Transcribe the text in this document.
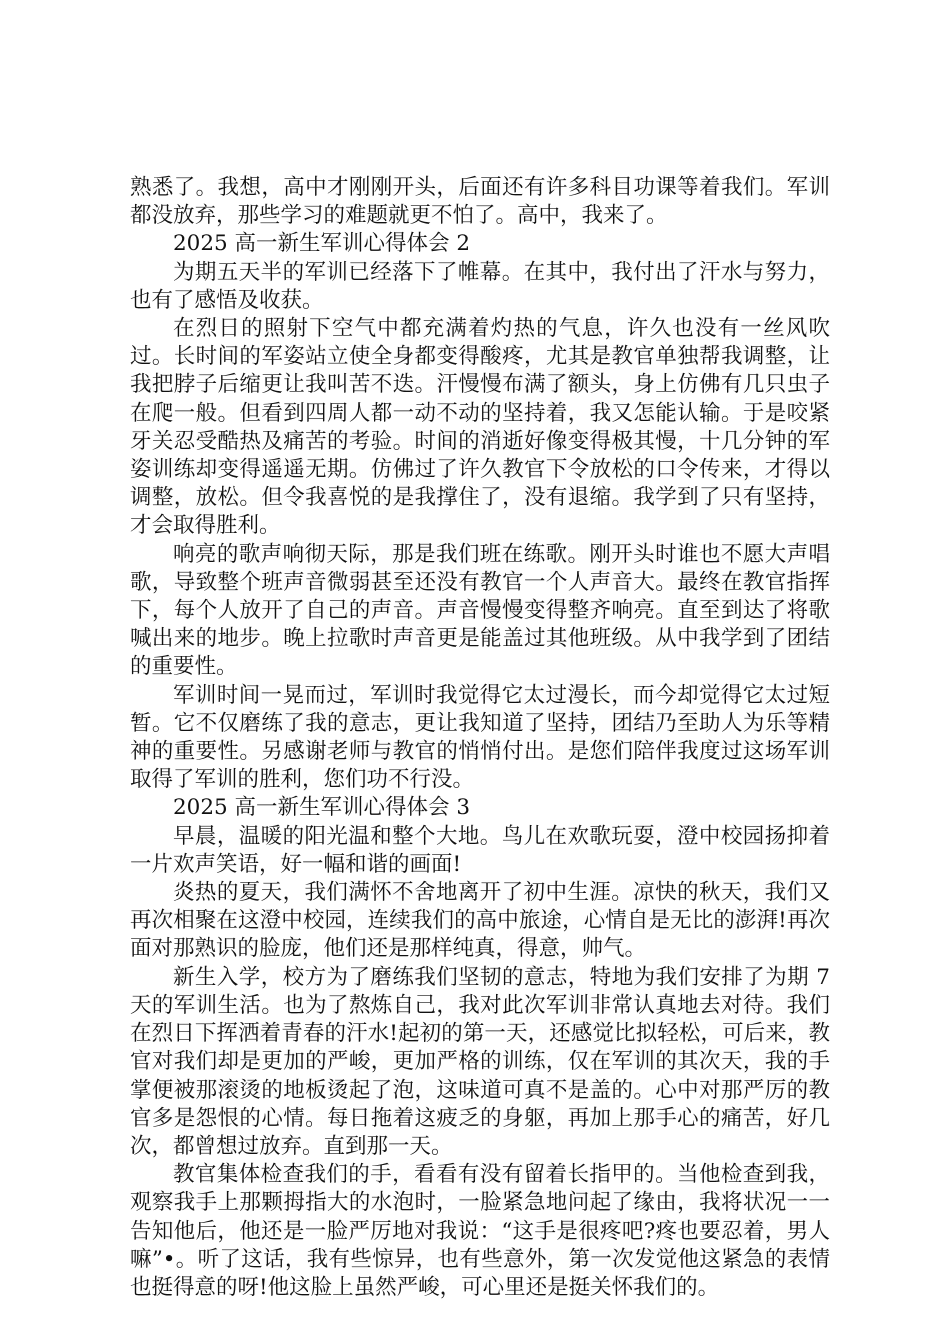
熟悉了。我想，高中才刚刚开头，后面还有许多科目功课等着我们。军训都没放弃，那些学习的难题就更不怕了。高中，我来了。

2025 高一新生军训心得体会 2

为期五天半的军训已经落下了帷幕。在其中，我付出了汗水与努力，也有了感悟及收获。

在烈日的照射下空气中都充满着灼热的气息，许久也没有一丝风吹过。长时间的军姿站立使全身都变得酸疼，尤其是教官单独帮我调整，让我把脖子后缩更让我叫苦不迭。汗慢慢布满了额头，身上仿佛有几只虫子在爬一般。但看到四周人都一动不动的坚持着，我又怎能认输。于是咬紧牙关忍受酷热及痛苦的考验。时间的消逝好像变得极其慢，十几分钟的军姿训练却变得遥遥无期。仿佛过了许久教官下令放松的口令传来，才得以调整，放松。但令我喜悦的是我撑住了，没有退缩。我学到了只有坚持，才会取得胜利。

响亮的歌声响彻天际，那是我们班在练歌。刚开头时谁也不愿大声唱歌，导致整个班声音微弱甚至还没有教官一个人声音大。最终在教官指挥下，每个人放开了自己的声音。声音慢慢变得整齐响亮。直至到达了将歌喊出来的地步。晚上拉歌时声音更是能盖过其他班级。从中我学到了团结的重要性。

军训时间一晃而过，军训时我觉得它太过漫长，而今却觉得它太过短暂。它不仅磨练了我的意志，更让我知道了坚持，团结乃至助人为乐等精神的重要性。另感谢老师与教官的悄悄付出。是您们陪伴我度过这场军训取得了军训的胜利，您们功不行没。

2025 高一新生军训心得体会 3

早晨，温暖的阳光温和整个大地。鸟儿在欢歌玩耍，澄中校园扬抑着一片欢声笑语，好一幅和谐的画面!

炎热的夏天，我们满怀不舍地离开了初中生涯。凉快的秋天，我们又再次相聚在这澄中校园，连续我们的高中旅途，心情自是无比的澎湃!再次面对那熟识的脸庞，他们还是那样纯真，得意，帅气。

新生入学，校方为了磨练我们坚韧的意志，特地为我们安排了为期 7 天的军训生活。也为了熬炼自己，我对此次军训非常认真地去对待。我们在烈日下挥洒着青春的汗水!起初的第一天，还感觉比拟轻松，可后来，教官对我们却是更加的严峻，更加严格的训练，仅在军训的其次天，我的手掌便被那滚烫的地板烫起了泡，这味道可真不是盖的。心中对那严厉的教官多是怨恨的心情。每日拖着这疲乏的身躯，再加上那手心的痛苦，好几次，都曾想过放弃。直到那一天。

教官集体检查我们的手，看看有没有留着长指甲的。当他检查到我，观察我手上那颗拇指大的水泡时，一脸紧急地问起了缘由，我将状况一一告知他后，他还是一脸严厉地对我说：“这手是很疼吧?疼也要忍着，男人嘛”•。听了这话，我有些惊异，也有些意外，第一次发觉他这紧急的表情也挺得意的呀!他这脸上虽然严峻，可心里还是挺关怀我们的。
